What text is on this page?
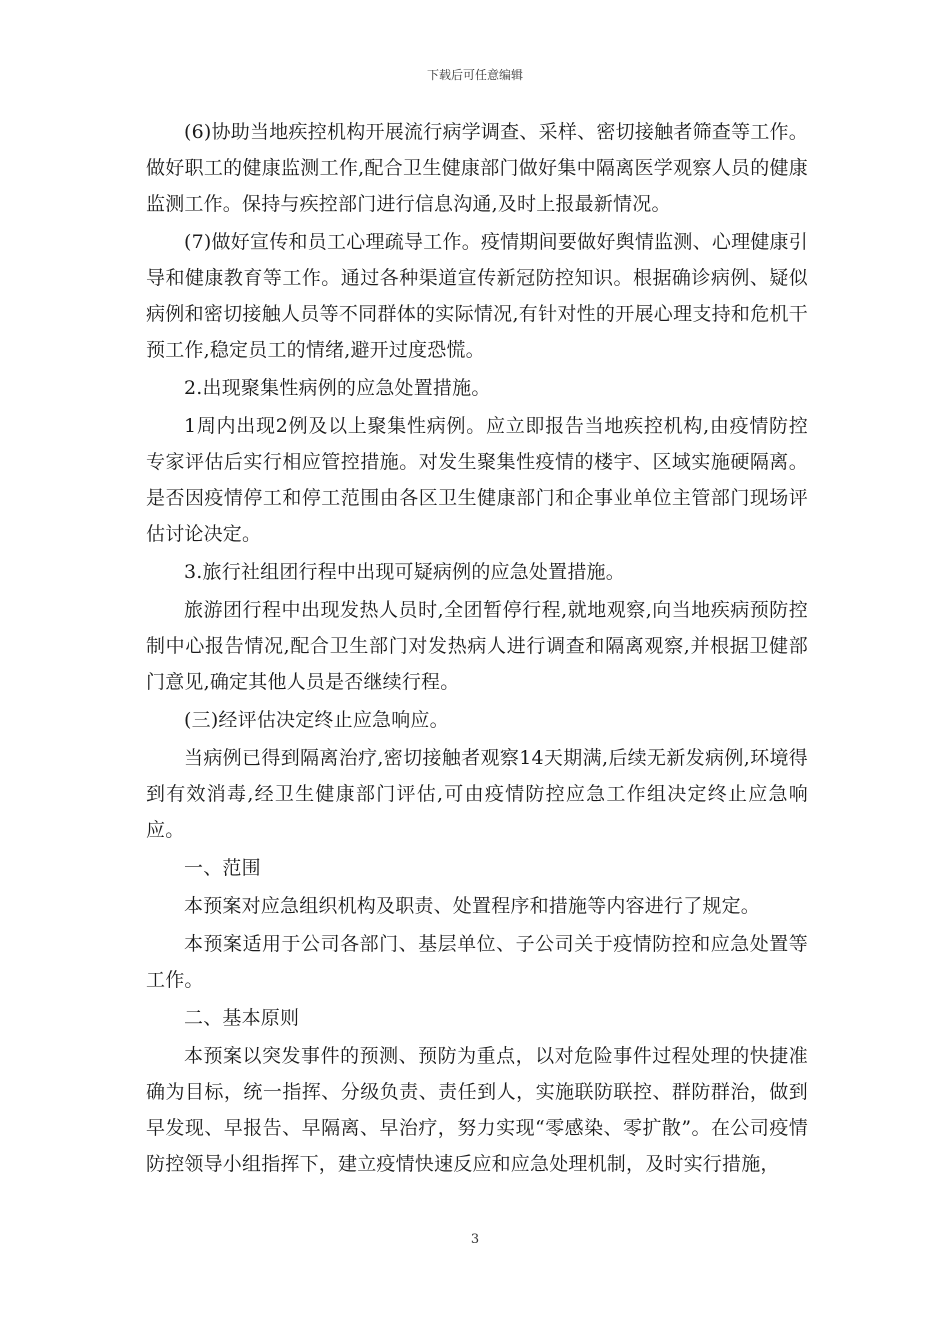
下载后可任意编辑

(6)协助当地疾控机构开展流行病学调查、采样、密切接触者筛查等工作。做好职工的健康监测工作,配合卫生健康部门做好集中隔离医学观察人员的健康监测工作。保持与疾控部门进行信息沟通,及时上报最新情况。

(7)做好宣传和员工心理疏导工作。疫情期间要做好舆情监测、心理健康引导和健康教育等工作。通过各种渠道宣传新冠防控知识。根据确诊病例、疑似病例和密切接触人员等不同群体的实际情况,有针对性的开展心理支持和危机干预工作,稳定员工的情绪,避开过度恐慌。

2.出现聚集性病例的应急处置措施。

1周内出现2例及以上聚集性病例。应立即报告当地疾控机构,由疫情防控专家评估后实行相应管控措施。对发生聚集性疫情的楼宇、区域实施硬隔离。是否因疫情停工和停工范围由各区卫生健康部门和企事业单位主管部门现场评估讨论决定。

3.旅行社组团行程中出现可疑病例的应急处置措施。

旅游团行程中出现发热人员时,全团暂停行程,就地观察,向当地疾病预防控制中心报告情况,配合卫生部门对发热病人进行调查和隔离观察,并根据卫健部门意见,确定其他人员是否继续行程。

(三)经评估决定终止应急响应。

当病例已得到隔离治疗,密切接触者观察14天期满,后续无新发病例,环境得到有效消毒,经卫生健康部门评估,可由疫情防控应急工作组决定终止应急响应。

一、范围

本预案对应急组织机构及职责、处置程序和措施等内容进行了规定。

本预案适用于公司各部门、基层单位、子公司关于疫情防控和应急处置等工作。

二、基本原则

本预案以突发事件的预测、预防为重点，以对危险事件过程处理的快捷准确为目标，统一指挥、分级负责、责任到人，实施联防联控、群防群治，做到早发现、早报告、早隔离、早治疗，努力实现“零感染、零扩散”。在公司疫情防控领导小组指挥下，建立疫情快速反应和应急处理机制，及时实行措施，

3
